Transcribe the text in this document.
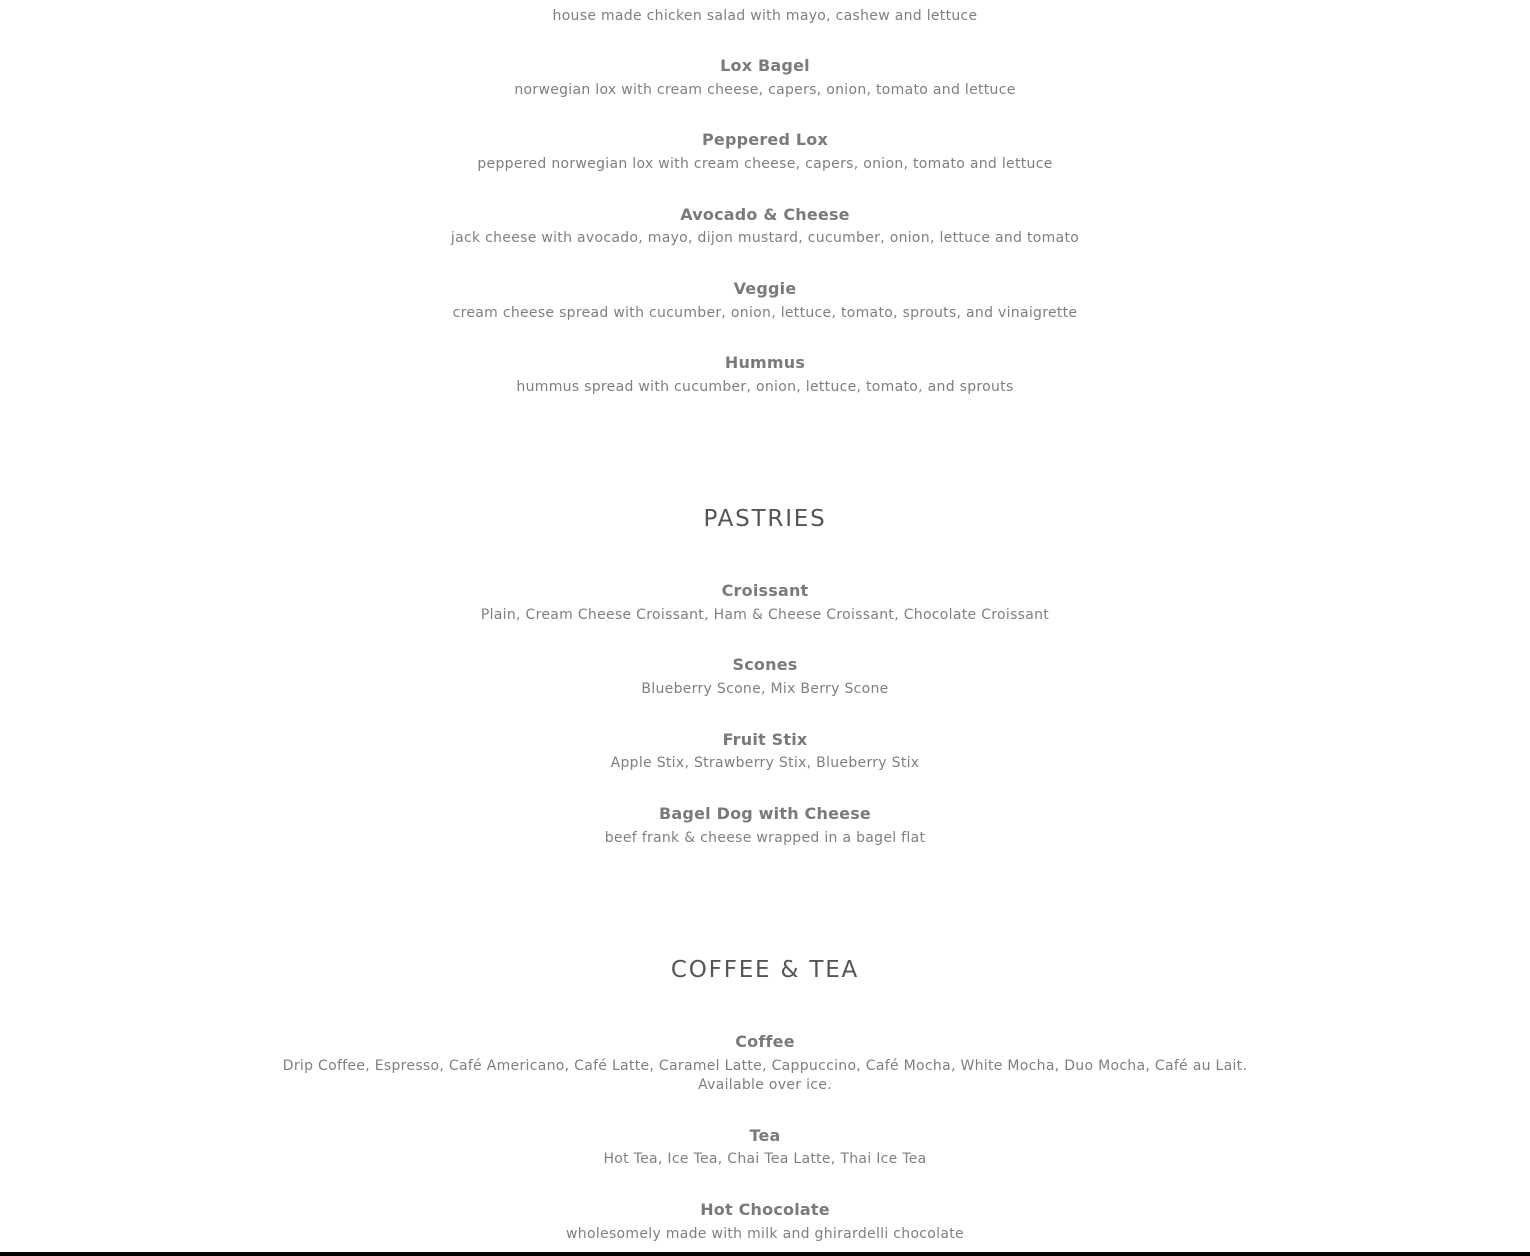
house made chicken salad with mayo, cashew and lettuce
Lox Bagel
norwegian lox with cream cheese, capers, onion, tomato and lettuce
Peppered Lox
peppered norwegian lox with cream cheese, capers, onion, tomato and lettuce
Avocado & Cheese
jack cheese with avocado, mayo, dijon mustard, cucumber, onion, lettuce and tomato
Veggie
cream cheese spread with cucumber, onion, lettuce, tomato, sprouts, and vinaigrette
Hummus
hummus spread with cucumber, onion, lettuce, tomato, and sprouts
PASTRIES
Croissant
Plain, Cream Cheese Croissant, Ham & Cheese Croissant, Chocolate Croissant
Scones
Blueberry Scone, Mix Berry Scone
Fruit Stix
Apple Stix, Strawberry Stix, Blueberry Stix
Bagel Dog with Cheese
beef frank & cheese wrapped in a bagel flat
COFFEE & TEA
Coffee
Drip Coffee, Espresso, Café Americano, Café Latte, Caramel Latte, Cappuccino, Café Mocha, White Mocha, Duo Mocha, Café au Lait.
Available over ice.
Tea
Hot Tea, Ice Tea, Chai Tea Latte, Thai Ice Tea
Hot Chocolate
wholesomely made with milk and ghirardelli chocolate
